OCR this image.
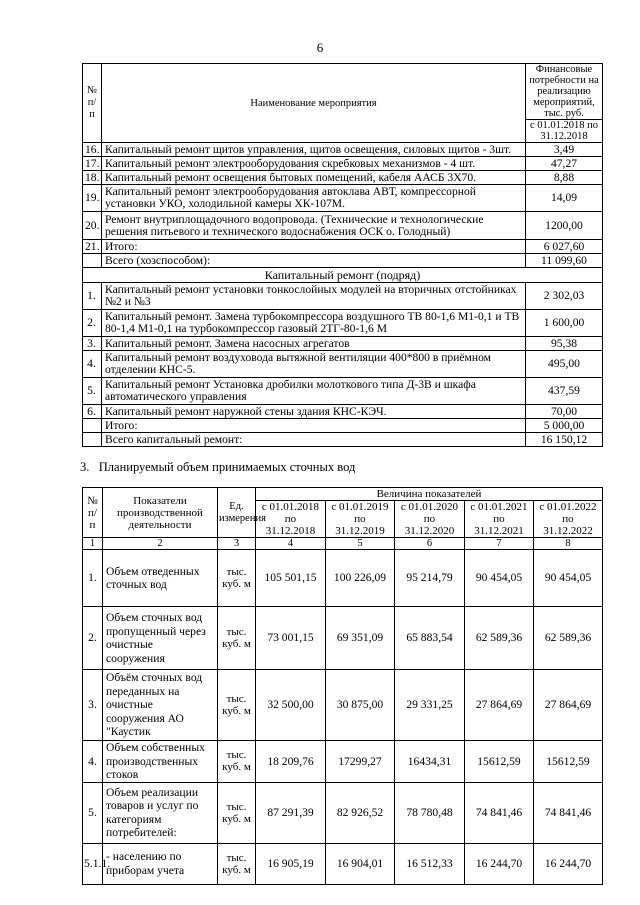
6
№
п/п	Наименование мероприятия	Финансовые потребности на реализацию мероприятий, тыс. руб.
		с 01.01.2018 по 31.12.2018
16.	Капитальный ремонт щитов управления, щитов освещения, силовых щитов - 3шт.	3,49
17.	Капитальный ремонт электрооборудования скребковых механизмов - 4 шт.	47,27
18.	Капитальный ремонт освещения бытовых помещений, кабеля ААСБ 3Х70.	8,88
19.	Капитальный ремонт электрооборудования автоклава АВТ, компрессорной установки УКО, холодильной камеры ХК-107М.	14,09
20.	Ремонт внутриплощадочного водопровода. (Технические и технологические решения питьевого и технического водоснабжения ОСК о. Голодный)	1200,00
21.	Итого:	6 027,60
	Всего (хозспособом):	11 099,60
Капитальный ремонт (подряд)		
1.	Капитальный ремонт установки тонкослойных модулей на вторичных отстойниках №2 и №3	2 302,03
2.	Капитальный ремонт. Замена турбокомпрессора воздушного ТВ 80-1,6 М1-0,1 и ТВ 80-1,4 М1-0,1 на турбокомпрессор газовый 2ТГ-80-1,6 М	1 600,00
3.	Капитальный ремонт. Замена насосных агрегатов	95,38
4.	Капитальный ремонт воздуховода вытяжной вентиляции 400*800 в приёмном отделении КНС-5.	495,00
5.	Капитальный ремонт Установка дробилки молоткового типа Д-3В и шкафа автоматического управления	437,59
6.	Капитальный ремонт наружной стены здания КНС-КЭЧ.	70,00
	Итого:	5 000,00
	Всего капитальный ремонт:	16 150,12
3.   Планируемый объем принимаемых сточных вод
№
п/п	Показатели производственной деятельности	Ед. измерения	Величина показателей				
			с 01.01.2018 по 31.12.2018	с 01.01.2019 по 31.12.2019	с 01.01.2020 по 31.12.2020	с 01.01.2021 по 31.12.2021	с 01.01.2022 по 31.12.2022
1	2	3	4	5	6	7	8
1.	Объем отведенных сточных вод	тыс. куб. м	105 501,15	100 226,09	95 214,79	90 454,05	90 454,05
2.	Объем сточных вод пропущенный через очистные сооружения	тыс. куб. м	73 001,15	69 351,09	65 883,54	62 589,36	62 589,36
3.	Объём сточных вод переданных на очистные сооружения АО "Каустик	тыс. куб. м	32 500,00	30 875,00	29 331,25	27 864,69	27 864,69
4.	Объем собственных производственных стоков	тыс. куб. м	18 209,76	17299,27	16434,31	15612,59	15612,59
5.	Объем реализации товаров и услуг по категориям потребителей:	тыс. куб. м	87 291,39	82 926,52	78 780,48	74 841,46	74 841,46
5.1.1.	- населению по приборам учета	тыс. куб. м	16 905,19	16 904,01	16 512,33	16 244,70	16 244,70
